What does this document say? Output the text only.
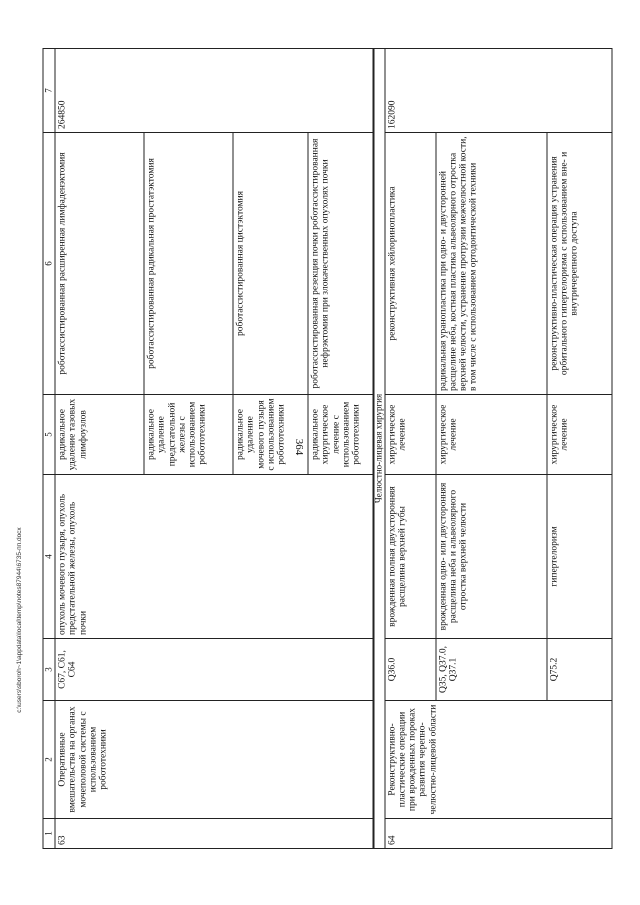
364
c:\users\sboroh~1\appdata\local\temp\notes87944\6735-пп.docx
1	2	3	4	5	6	7
63	Оперативные вмешательства на органах мочеполовой системы с использованием робототехники	C67, C61, C64	опухоль мочевого пузыря, опухоль предстательной железы, опухоль почки	радикальное удаление тазовых лимфоузлов	роботассистированная расширенная лимфаденэктомия	264850
				радикальное удаление предстательной железы с использованием робототехники	роботассистированная радикальная простатэктомия	
				радикальное удаление мочевого пузыря с использованием робототехники	роботассистированная цистэктомия	
				радикальное хирургическое лечение с использованием робототехники	роботассистированная резекция почки роботассистированная нефрэктомия при злокачественных опухолях почки	
Челюстно-лицевая хирургия						
64	Реконструктивно-пластические операции при врожденных пороках развития черепно-челюстно-лицевой области	Q36.0	врожденная полная двухсторонняя расщелина верхней губы	хирургическое лечение	реконструктивная хейлоринопластика	162090
		Q35, Q37.0, Q37.1	врожденная одно- или двусторонняя расщелина неба и альвеолярного отростка верхней челюсти	хирургическое лечение	радикальная уранопластика при одно- и двусторонней расщелине неба, костная пластика альвеолярного отростка верхней челюсти, устранение протрузии межчелюстной кости, в том числе с использованием ортодонтической техники	
		Q75.2	гипертелоризм	хирургическое лечение	реконструктивно-пластическая операция устранения орбитального гипертелоризма с использованием вне- и внутричерепного доступа	
